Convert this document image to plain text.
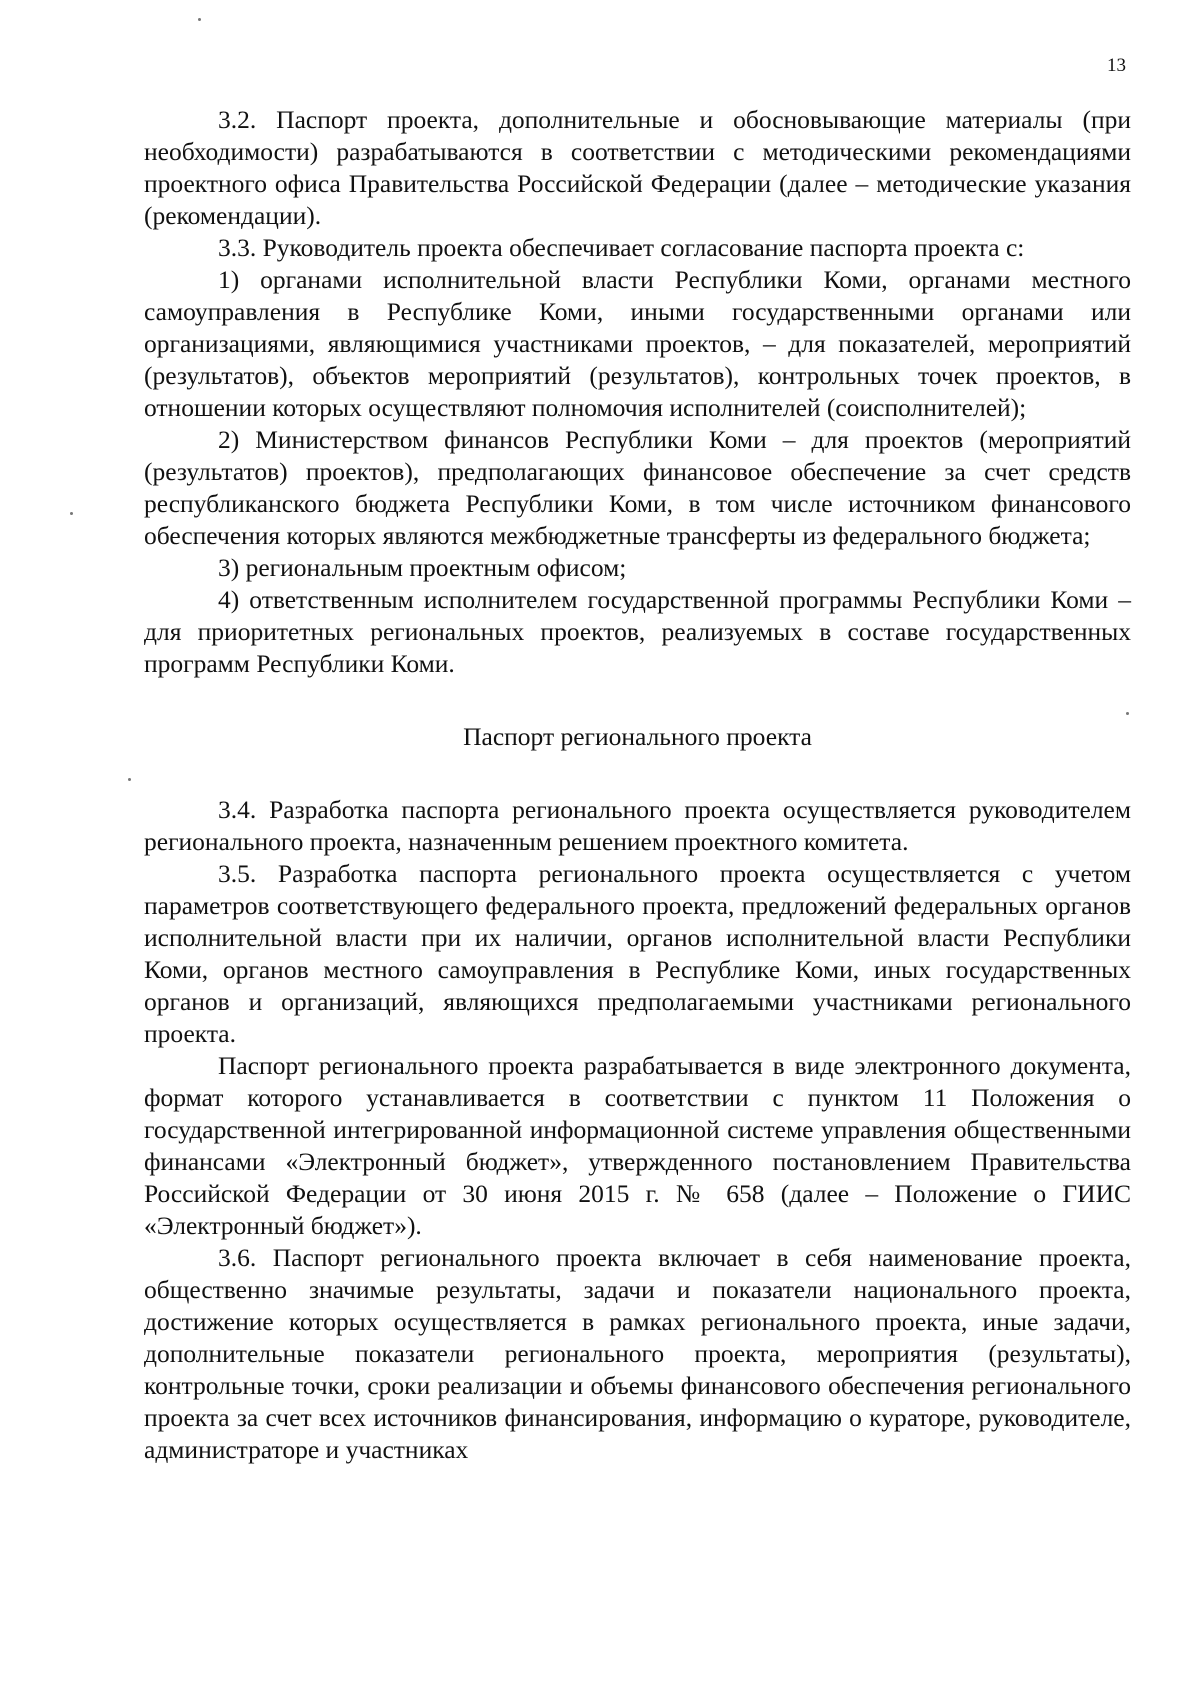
13

3.2. Паспорт проекта, дополнительные и обосновывающие материалы (при необходимости) разрабатываются в соответствии с методическими рекомендациями проектного офиса Правительства Российской Федерации (далее – методические указания (рекомендации).

3.3. Руководитель проекта обеспечивает согласование паспорта проекта с:

1) органами исполнительной власти Республики Коми, органами местного самоуправления в Республике Коми, иными государственными органами или организациями, являющимися участниками проектов, – для показателей, мероприятий (результатов), объектов мероприятий (результатов), контрольных точек проектов, в отношении которых осуществляют полномочия исполнителей (соисполнителей);

2) Министерством финансов Республики Коми – для проектов (мероприятий (результатов) проектов), предполагающих финансовое обеспечение за счет средств республиканского бюджета Республики Коми, в том числе источником финансового обеспечения которых являются межбюджетные трансферты из федерального бюджета;

3) региональным проектным офисом;

4) ответственным исполнителем государственной программы Республики Коми – для приоритетных региональных проектов, реализуемых в составе государственных программ Республики Коми.

Паспорт регионального проекта

3.4. Разработка паспорта регионального проекта осуществляется руководителем регионального проекта, назначенным решением проектного комитета.

3.5. Разработка паспорта регионального проекта осуществляется с учетом параметров соответствующего федерального проекта, предложений федеральных органов исполнительной власти при их наличии, органов исполнительной власти Республики Коми, органов местного самоуправления в Республике Коми, иных государственных органов и организаций, являющихся предполагаемыми участниками регионального проекта.

Паспорт регионального проекта разрабатывается в виде электронного документа, формат которого устанавливается в соответствии с пунктом 11 Положения о государственной интегрированной информационной системе управления общественными финансами «Электронный бюджет», утвержденного постановлением Правительства Российской Федерации от 30 июня 2015 г. № 658 (далее – Положение о ГИИС «Электронный бюджет»).

3.6. Паспорт регионального проекта включает в себя наименование проекта, общественно значимые результаты, задачи и показатели национального проекта, достижение которых осуществляется в рамках регионального проекта, иные задачи, дополнительные показатели регионального проекта, мероприятия (результаты), контрольные точки, сроки реализации и объемы финансового обеспечения регионального проекта за счет всех источников финансирования, информацию о кураторе, руководителе, администраторе и участниках
